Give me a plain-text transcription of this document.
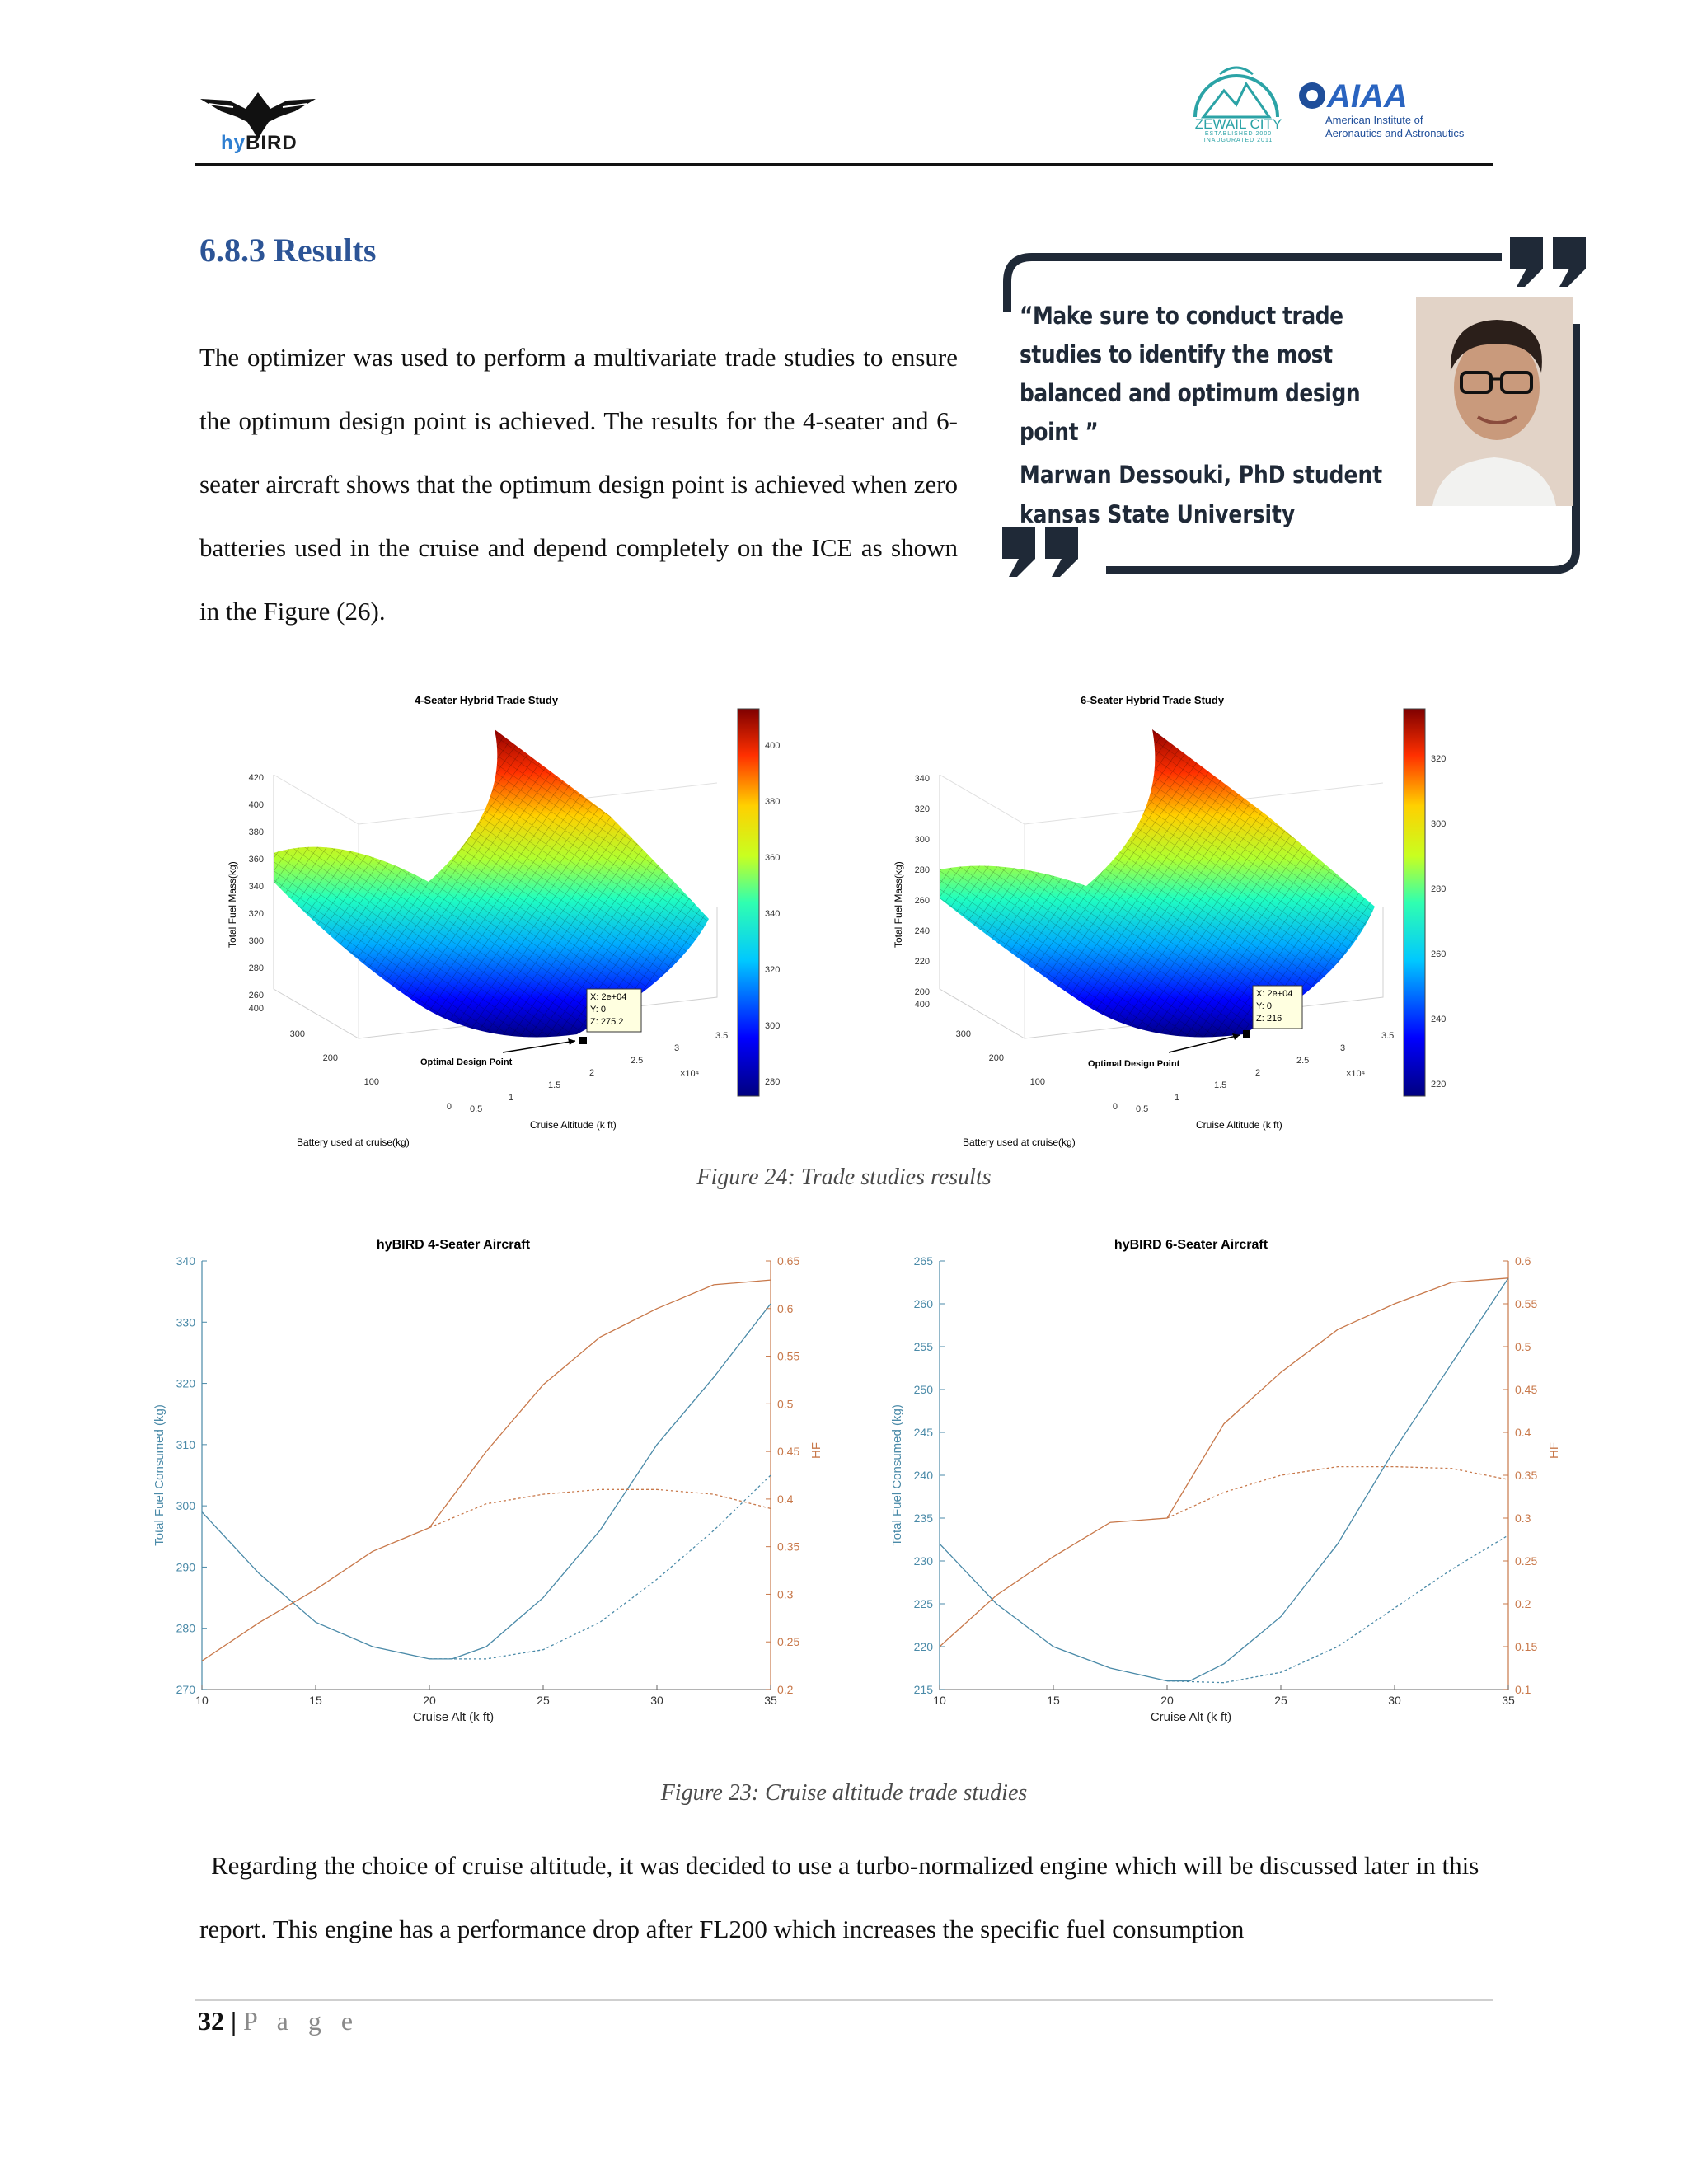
hyBIRD
ZEWAIL CITY
ESTABLISHED 2000 INAUGURATED 2011
AIAA
American Institute of
Aeronautics and Astronautics
6.8.3 Results
The optimizer was used to perform a multivariate trade studies to ensure the optimum design point is achieved. The results for the 4-seater and 6-seater aircraft shows that the optimum design point is achieved when zero batteries used in the cruise and depend completely on the ICE as shown in the Figure (26).
“Make sure to conduct trade studies to identify the most balanced and optimum design point ”
Marwan Dessouki, PhD student
kansas State University
4-Seater Hybrid Trade Study
420
400
380
360
340
320
300
280
260
Total Fuel Mass(kg)
400
300
200
100
0
Battery used at cruise(kg)
0.5
1
1.5
2
2.5
3
3.5
×10⁴
Cruise Altitude (k ft)
X: 2e+04
Y: 0
Z: 275.2
Optimal Design Point
400
380
360
340
320
300
280
6-Seater Hybrid Trade Study
340
320
300
280
260
240
220
200
Total Fuel Mass(kg)
400
300
200
100
0
Battery used at cruise(kg)
0.5
1
1.5
2
2.5
3
3.5
×10⁴
Cruise Altitude (k ft)
X: 2e+04
Y: 0
Z: 216
Optimal Design Point
320
300
280
260
240
220
Figure 24: Trade studies results
hyBIRD 4-Seater Aircraft
10	15	20	25	30	35
270
280
290
300
310
320
330
340
0.2
0.25
0.3
0.35
0.4
0.45
0.5
0.55
0.6
0.65
Cruise Alt (k ft)
Total Fuel Consumed (kg)	HF
hyBIRD 6-Seater Aircraft
10	15	20	25	30	35
215
220
225
230
235
240
245
250
255
260
265
0.1
0.15
0.2
0.25
0.3
0.35
0.4
0.45
0.5
0.55
0.6
Cruise Alt (k ft)
Total Fuel Consumed (kg)	HF
Figure 23: Cruise altitude trade studies
Regarding the choice of cruise altitude, it was decided to use a turbo-normalized engine which will be discussed later in this report. This engine has a performance drop after FL200 which increases the specific fuel consumption
32 | P a g e
